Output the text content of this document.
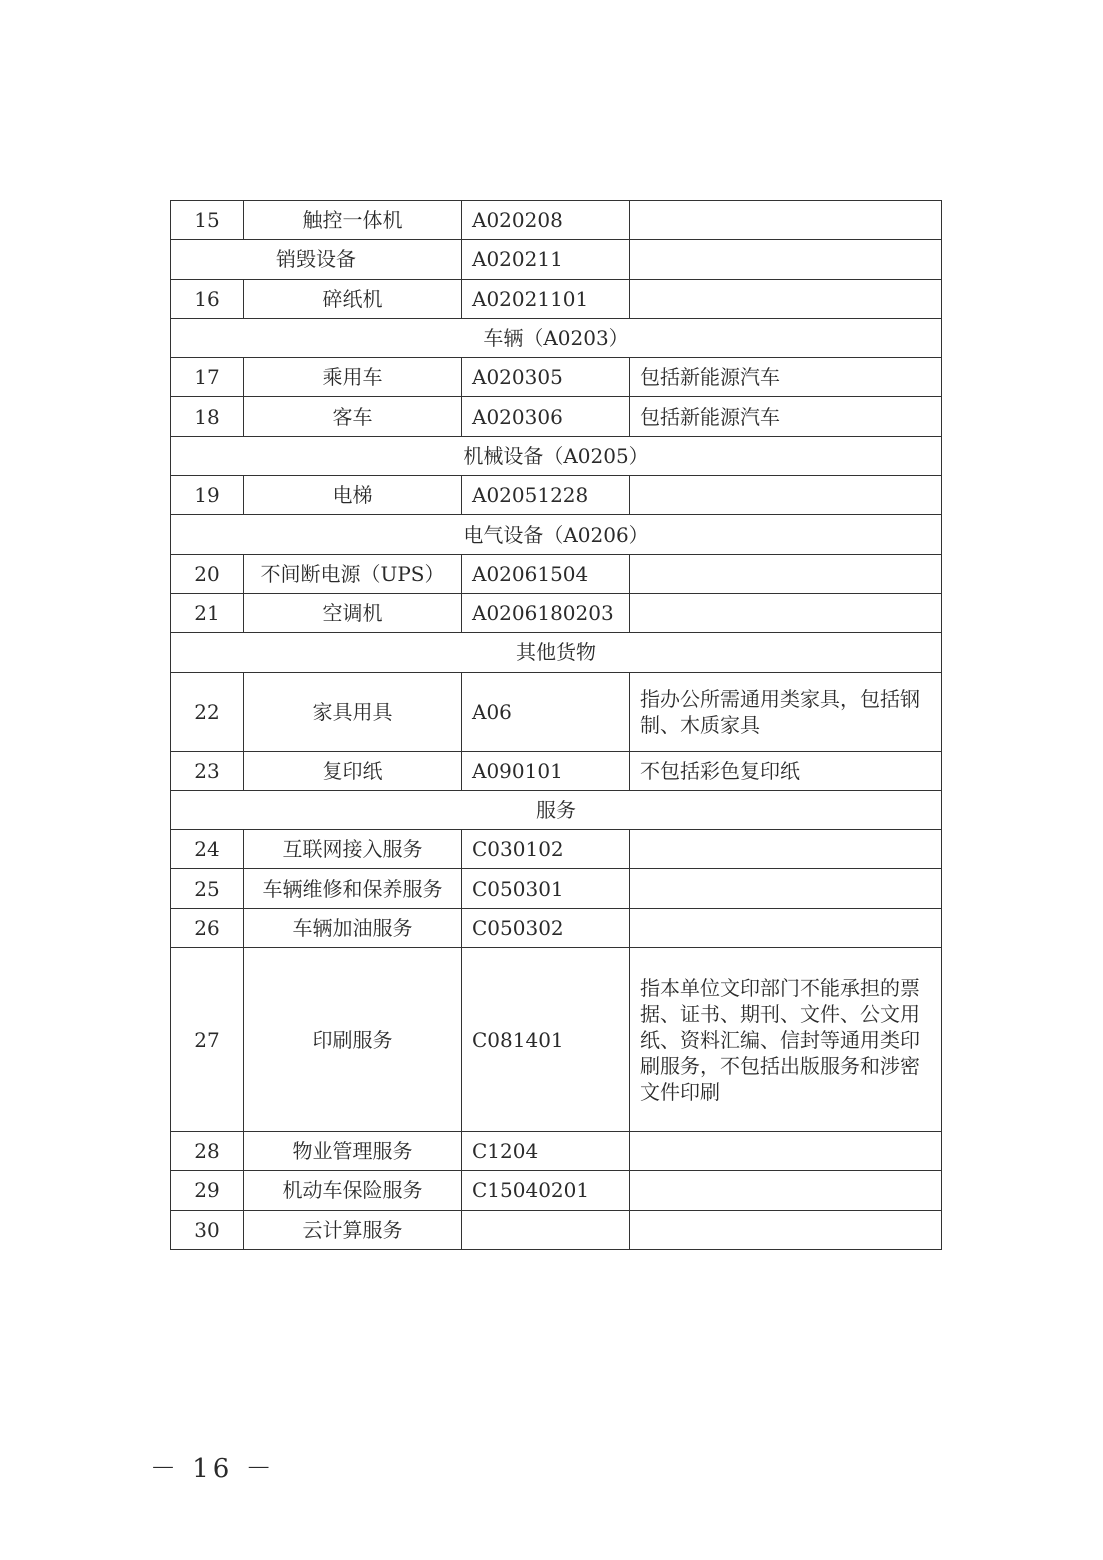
15	触控一体机	A020208	
销毁设备		A020211	
16	碎纸机	A02021101	
车辆（A0203）			
17	乘用车	A020305	包括新能源汽车
18	客车	A020306	包括新能源汽车
机械设备（A0205）			
19	电梯	A02051228	
电气设备（A0206）			
20	不间断电源（UPS）	A02061504	
21	空调机	A0206180203	
其他货物			
22	家具用具	A06	指办公所需通用类家具，包括钢制、木质家具
23	复印纸	A090101	不包括彩色复印纸
服务			
24	互联网接入服务	C030102	
25	车辆维修和保养服务	C050301	
26	车辆加油服务	C050302	
27	印刷服务	C081401	指本单位文印部门不能承担的票据、证书、期刊、文件、公文用纸、资料汇编、信封等通用类印刷服务，不包括出版服务和涉密文件印刷
28	物业管理服务	C1204	
29	机动车保险服务	C15040201	
30	云计算服务		
－ 16 －
